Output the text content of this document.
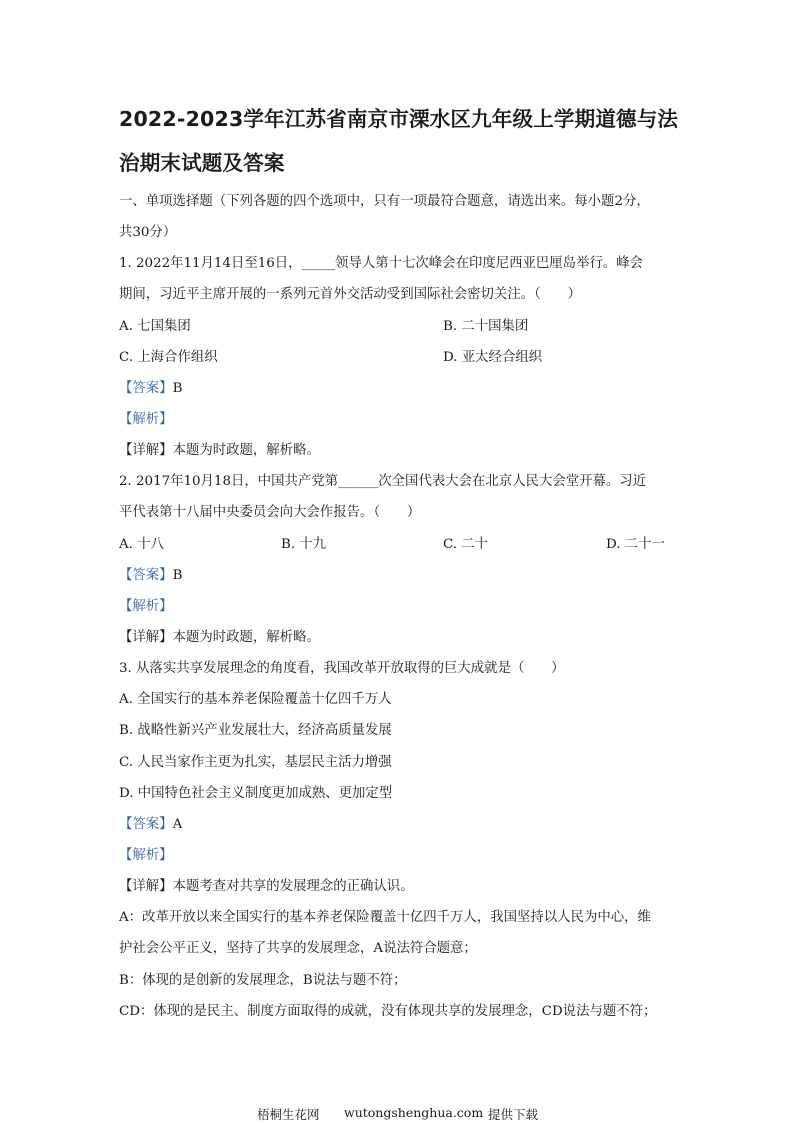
2022-2023学年江苏省南京市溧水区九年级上学期道德与法
治期末试题及答案

一、单项选择题（下列各题的四个选项中，只有一项最符合题意，请选出来。每小题2分，

共30分）

1. 2022年11月14日至16日，_____领导人第十七次峰会在印度尼西亚巴厘岛举行。峰会

期间，习近平主席开展的一系列元首外交活动受到国际社会密切关注。（　　）

A. 七国集团	B. 二十国集团

C. 上海合作组织	D. 亚太经合组织

【答案】B

【解析】

【详解】本题为时政题，解析略。

2. 2017年10月18日，中国共产党第______次全国代表大会在北京人民大会堂开幕。习近

平代表第十八届中央委员会向大会作报告。（　　）

A. 十八	B. 十九	C. 二十	D. 二十一

【答案】B

【解析】

【详解】本题为时政题，解析略。

3. 从落实共享发展理念的角度看，我国改革开放取得的巨大成就是（　　）

A. 全国实行的基本养老保险覆盖十亿四千万人

B. 战略性新兴产业发展壮大，经济高质量发展

C. 人民当家作主更为扎实，基层民主活力增强

D. 中国特色社会主义制度更加成熟、更加定型

【答案】A

【解析】

【详解】本题考查对共享的发展理念的正确认识。

A：改革开放以来全国实行的基本养老保险覆盖十亿四千万人，我国坚持以人民为中心，维

护社会公平正义，坚持了共享的发展理念，A说法符合题意；

B：体现的是创新的发展理念，B说法与题不符；

CD：体现的是民主、制度方面取得的成就，没有体现共享的发展理念，CD说法与题不符；

梧桐生花网 wutongshenghua.com 提供下载
